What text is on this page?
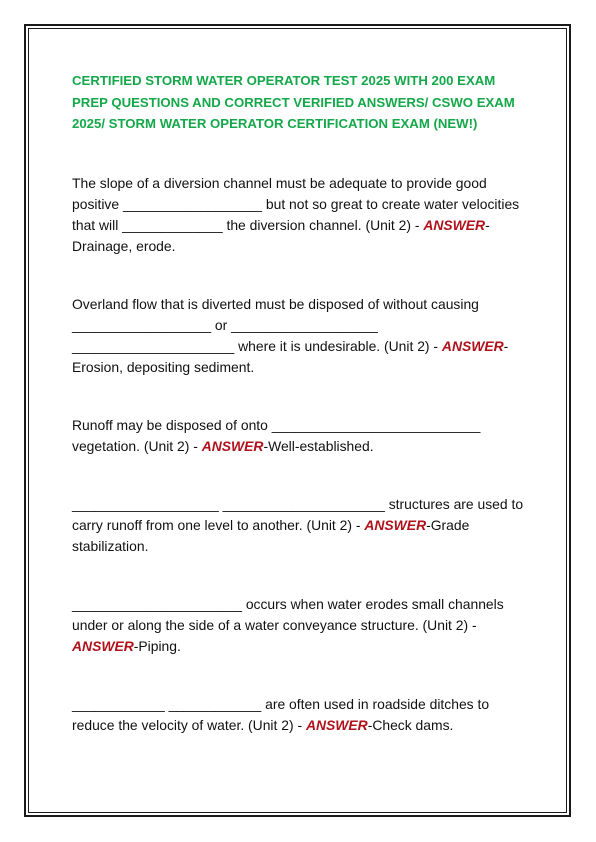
CERTIFIED STORM WATER OPERATOR TEST 2025 WITH 200 EXAM PREP QUESTIONS AND CORRECT VERIFIED ANSWERS/ CSWO EXAM 2025/ STORM WATER OPERATOR CERTIFICATION EXAM (NEW!)

The slope of a diversion channel must be adequate to provide good positive __________________ but not so great to create water velocities that will _____________ the diversion channel. (Unit 2) - ANSWER-Drainage, erode.

Overland flow that is diverted must be disposed of without causing __________________ or ___________________ _____________________ where it is undesirable. (Unit 2) - ANSWER-Erosion, depositing sediment.

Runoff may be disposed of onto ___________________________ vegetation. (Unit 2) - ANSWER-Well-established.

___________________ _____________________ structures are used to carry runoff from one level to another. (Unit 2) - ANSWER-Grade stabilization.

______________________ occurs when water erodes small channels under or along the side of a water conveyance structure. (Unit 2) - ANSWER-Piping.

____________ ____________ are often used in roadside ditches to reduce the velocity of water. (Unit 2) - ANSWER-Check dams.
